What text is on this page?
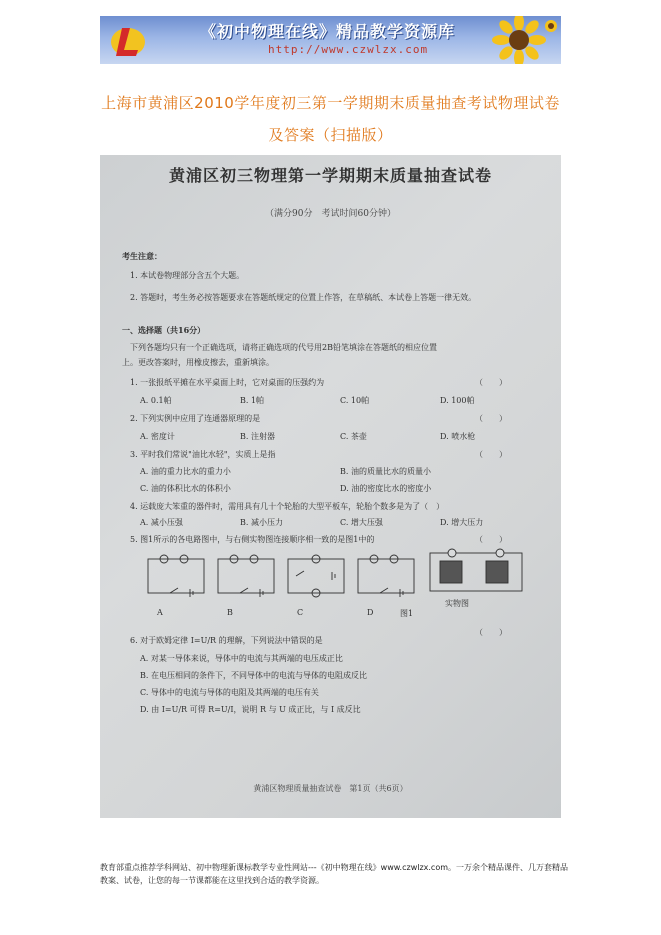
《初中物理在线》精品教学资源库
http://www.czwlzx.com
上海市黄浦区2010学年度初三第一学期期末质量抽查考试物理试卷
及答案（扫描版）
黄浦区初三物理第一学期期末质量抽查试卷
（满分90分　考试时间60分钟）
考生注意：
1. 本试卷物理部分含五个大题。
2. 答题时，考生务必按答题要求在答题纸规定的位置上作答，在草稿纸、本试卷上答题一律无效。
一、选择题（共16分）
下列各题均只有一个正确选项，请将正确选项的代号用2B铅笔填涂在答题纸的相应位置
上。更改答案时，用橡皮擦去，重新填涂。
1. 一张报纸平摊在水平桌面上时，它对桌面的压强约为	（　　）
A. 0.1帕	B. 1帕	C. 10帕	D. 100帕
2. 下列实例中应用了连通器原理的是	（　　）
A. 密度计	B. 注射器	C. 茶壶	D. 喷水枪
3. 平时我们常说"油比水轻"，实质上是指	（　　）
A. 油的重力比水的重力小	B. 油的质量比水的质量小
C. 油的体积比水的体积小	D. 油的密度比水的密度小
4. 运载庞大笨重的器件时，需用具有几十个轮胎的大型平板车，轮胎个数多是为了（　）
A. 减小压强	B. 减小压力	C. 增大压强	D. 增大压力
5. 图1所示的各电路图中，与右侧实物图连接顺序相一致的是图1中的	（　　）
A	B	C	D	图1
实物图
6. 对于欧姆定律 I=U/R 的理解，下列说法中错误的是
（　　）
A. 对某一导体来说，导体中的电流与其两端的电压成正比
B. 在电压相同的条件下，不同导体中的电流与导体的电阻成反比
C. 导体中的电流与导体的电阻及其两端的电压有关
D. 由 I=U/R 可得 R=U/I，说明 R 与 U 成正比，与 I 成反比
黄浦区物理质量抽查试卷　第1页（共6页）
教育部重点推荐学科网站、初中物理新课标教学专业性网站---《初中物理在线》www.czwlzx.com。一万余个精品课件、几万套精品教案、试卷，让您的每一节课都能在这里找到合适的教学资源。
